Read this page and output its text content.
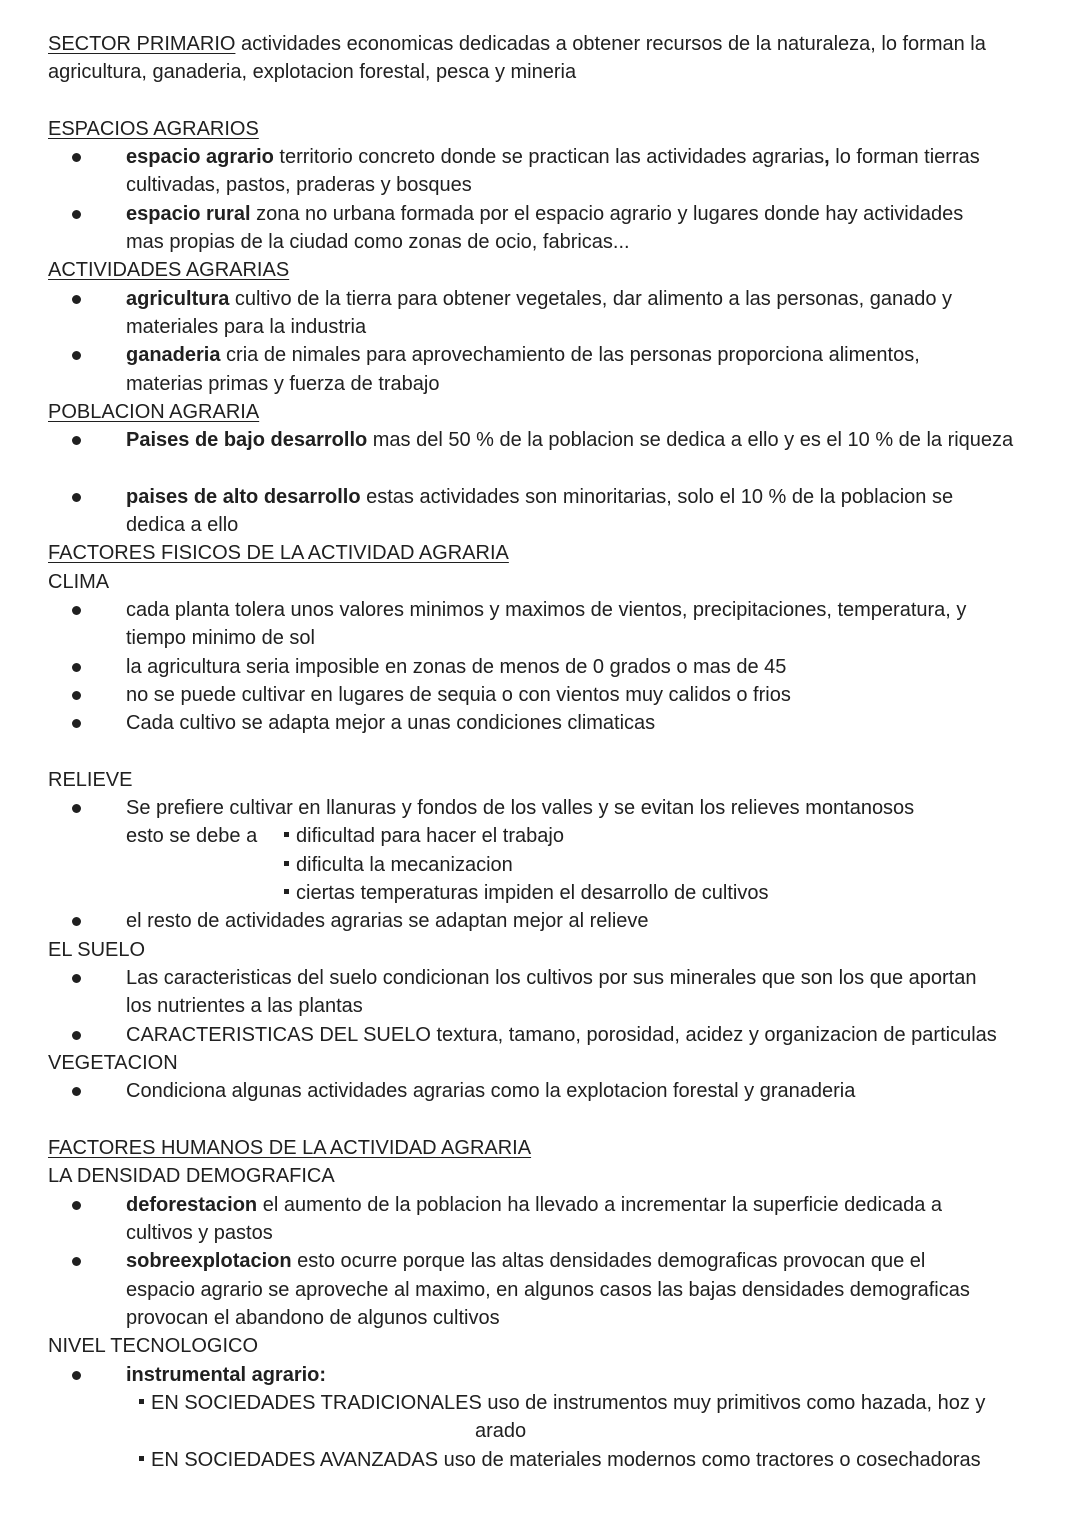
SECTOR PRIMARIO actividades economicas dedicadas a obtener recursos de la naturaleza, lo forman la
agricultura, ganaderia, explotacion forestal, pesca y mineria
ESPACIOS AGRARIOS
espacio agrario territorio concreto donde se practican las actividades agrarias, lo forman tierras
cultivadas, pastos, praderas y bosques
espacio rural zona no urbana formada por el espacio agrario y lugares donde hay actividades
mas propias de la ciudad como zonas de ocio, fabricas...
ACTIVIDADES AGRARIAS
agricultura cultivo de la tierra para obtener vegetales, dar alimento a las personas, ganado y
materiales para la industria
ganaderia cria de nimales para aprovechamiento de las personas proporciona alimentos,
materias primas y fuerza de trabajo
POBLACION AGRARIA
Paises de bajo desarrollo mas del 50 % de la poblacion se dedica a ello y es el 10 % de la riqueza
paises de alto desarrollo estas actividades son minoritarias, solo el 10 % de la poblacion se
dedica a ello
FACTORES FISICOS DE LA ACTIVIDAD AGRARIA
CLIMA
cada planta tolera unos valores minimos y maximos de vientos, precipitaciones, temperatura, y
tiempo minimo de sol
la agricultura seria imposible en zonas de menos de 0 grados o mas de 45
no se puede cultivar en lugares de sequia o con vientos muy calidos o frios
Cada cultivo se adapta mejor a unas condiciones climaticas
RELIEVE
Se prefiere cultivar en llanuras y fondos de los valles y se evitan los relieves montanosos
esto se debe a	dificultad para hacer el trabajo
dificulta la mecanizacion
ciertas temperaturas impiden el desarrollo de cultivos
el resto de actividades agrarias se adaptan mejor al relieve
EL SUELO
Las caracteristicas del suelo condicionan los cultivos por sus minerales que son los que aportan
los nutrientes a las plantas
CARACTERISTICAS DEL SUELO textura, tamano, porosidad, acidez y organizacion de particulas
VEGETACION
Condiciona algunas actividades agrarias como la explotacion forestal y granaderia
FACTORES HUMANOS DE LA ACTIVIDAD AGRARIA
LA DENSIDAD DEMOGRAFICA
deforestacion el aumento de la poblacion ha llevado a incrementar la superficie dedicada a
cultivos y pastos
sobreexplotacion esto ocurre porque las altas densidades demograficas provocan que el
espacio agrario se aproveche al maximo, en algunos casos las bajas densidades demograficas
provocan el abandono de algunos cultivos
NIVEL TECNOLOGICO
instrumental agrario:
EN SOCIEDADES TRADICIONALES uso de instrumentos muy primitivos como hazada, hoz y
arado
EN SOCIEDADES AVANZADAS uso de materiales modernos como tractores o cosechadoras
